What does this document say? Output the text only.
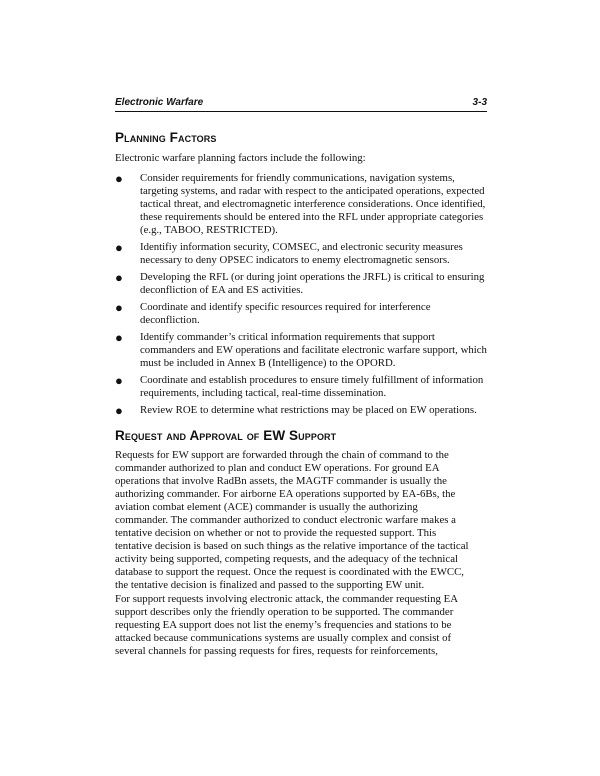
Electronic Warfare	3-3
Planning Factors
Electronic warfare planning factors include the following:
● Consider requirements for friendly communications, navigation systems, targeting systems, and radar with respect to the anticipated operations, expected tactical threat, and electromagnetic interference considerations. Once identified, these requirements should be entered into the RFL under appropriate categories (e.g., TABOO, RESTRICTED).
● Identifiy information security, COMSEC, and electronic security measures necessary to deny OPSEC indicators to enemy electromagnetic sensors.
● Developing the RFL (or during joint operations the JRFL) is critical to ensuring deconfliction of EA and ES activities.
● Coordinate and identify specific resources required for interference deconfliction.
● Identify commander’s critical information requirements that support commanders and EW operations and facilitate electronic warfare support, which must be included in Annex B (Intelligence) to the OPORD.
● Coordinate and establish procedures to ensure timely fulfillment of information requirements, including tactical, real-time dissemination.
● Review ROE to determine what restrictions may be placed on EW operations.
Request and Approval of EW Support
Requests for EW support are forwarded through the chain of command to the
commander authorized to plan and conduct EW operations. For ground EA
operations that involve RadBn assets, the MAGTF commander is usually the
authorizing commander. For airborne EA operations supported by EA-6Bs, the
aviation combat element (ACE) commander is usually the authorizing
commander. The commander authorized to conduct electronic warfare makes a
tentative decision on whether or not to provide the requested support. This
tentative decision is based on such things as the relative importance of the tactical
activity being supported, competing requests, and the adequacy of the technical
database to support the request. Once the request is coordinated with the EWCC,
the tentative decision is finalized and passed to the supporting EW unit.
For support requests involving electronic attack, the commander requesting EA
support describes only the friendly operation to be supported. The commander
requesting EA support does not list the enemy’s frequencies and stations to be
attacked because communications systems are usually complex and consist of
several channels for passing requests for fires, requests for reinforcements,
